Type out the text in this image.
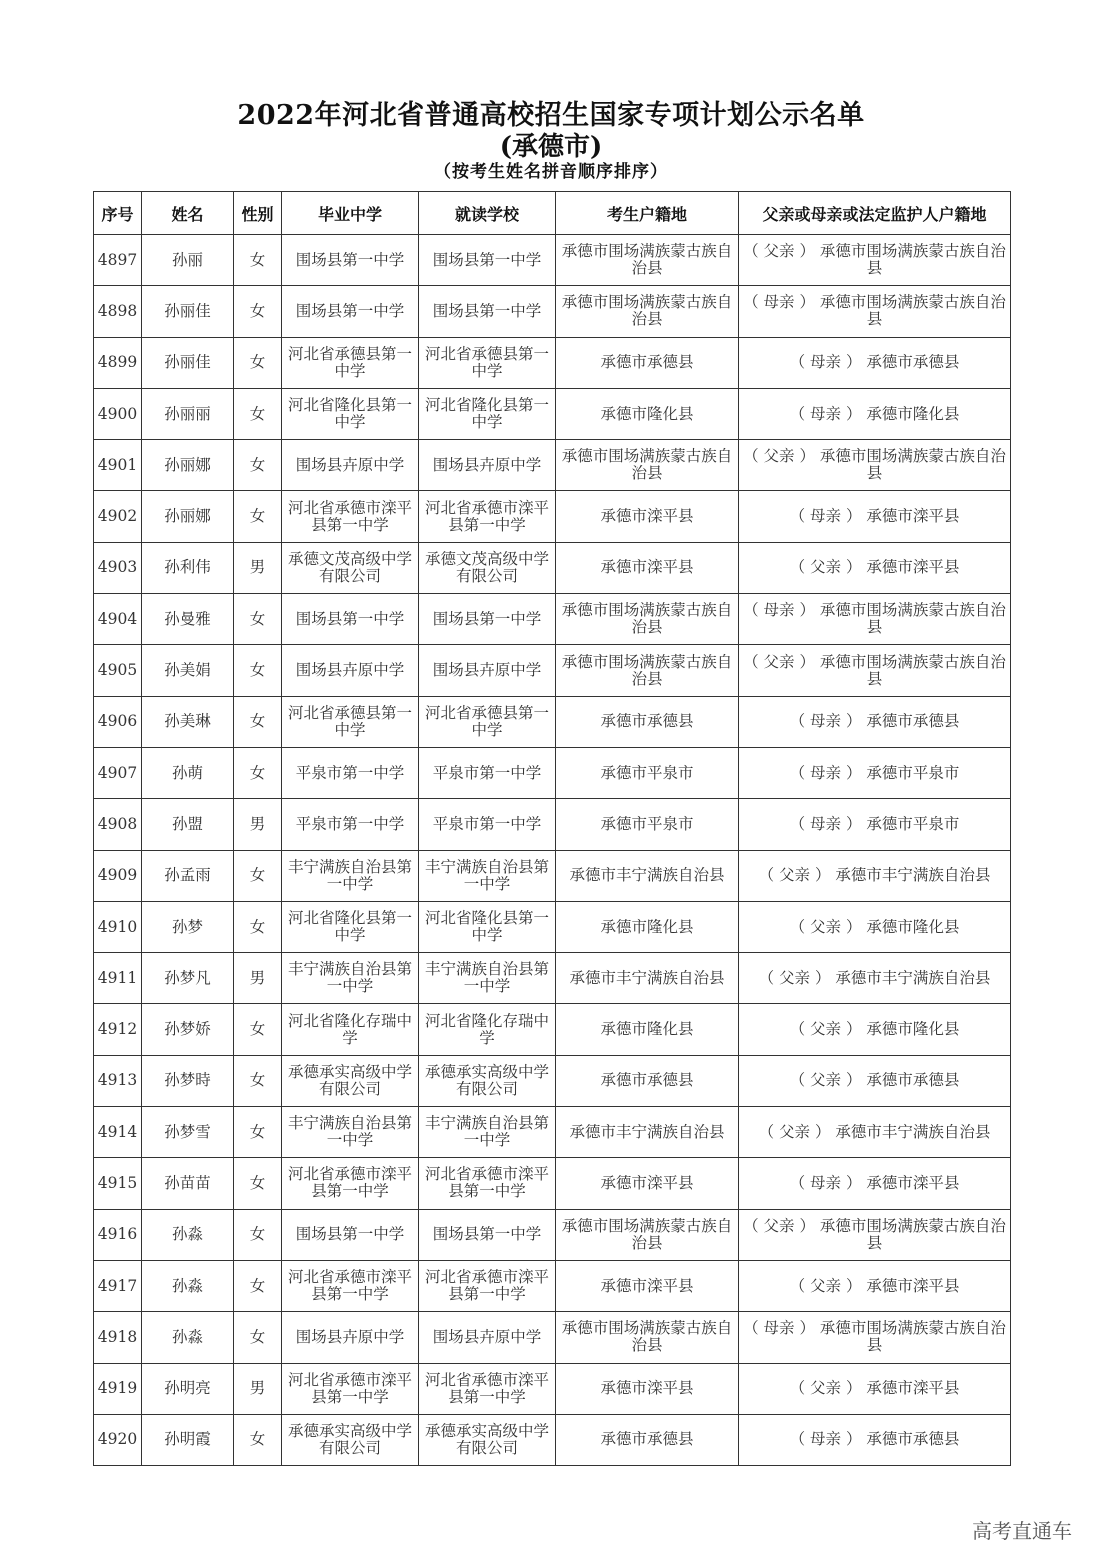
2022年河北省普通高校招生国家专项计划公示名单
(承德市)
（按考生姓名拼音顺序排序）
序号	姓名	性别	毕业中学	就读学校	考生户籍地	父亲或母亲或法定监护人户籍地
4897	孙丽	女	围场县第一中学	围场县第一中学	承德市围场满族蒙古族自治县	（ 父亲 ） 承德市围场满族蒙古族自治县
4898	孙丽佳	女	围场县第一中学	围场县第一中学	承德市围场满族蒙古族自治县	（ 母亲 ） 承德市围场满族蒙古族自治县
4899	孙丽佳	女	河北省承德县第一中学	河北省承德县第一中学	承德市承德县	（ 母亲 ） 承德市承德县
4900	孙丽丽	女	河北省隆化县第一中学	河北省隆化县第一中学	承德市隆化县	（ 母亲 ） 承德市隆化县
4901	孙丽娜	女	围场县卉原中学	围场县卉原中学	承德市围场满族蒙古族自治县	（ 父亲 ） 承德市围场满族蒙古族自治县
4902	孙丽娜	女	河北省承德市滦平县第一中学	河北省承德市滦平县第一中学	承德市滦平县	（ 母亲 ） 承德市滦平县
4903	孙利伟	男	承德文茂高级中学有限公司	承德文茂高级中学有限公司	承德市滦平县	（ 父亲 ） 承德市滦平县
4904	孙曼雅	女	围场县第一中学	围场县第一中学	承德市围场满族蒙古族自治县	（ 母亲 ） 承德市围场满族蒙古族自治县
4905	孙美娟	女	围场县卉原中学	围场县卉原中学	承德市围场满族蒙古族自治县	（ 父亲 ） 承德市围场满族蒙古族自治县
4906	孙美琳	女	河北省承德县第一中学	河北省承德县第一中学	承德市承德县	（ 母亲 ） 承德市承德县
4907	孙萌	女	平泉市第一中学	平泉市第一中学	承德市平泉市	（ 母亲 ） 承德市平泉市
4908	孙盟	男	平泉市第一中学	平泉市第一中学	承德市平泉市	（ 母亲 ） 承德市平泉市
4909	孙孟雨	女	丰宁满族自治县第一中学	丰宁满族自治县第一中学	承德市丰宁满族自治县	（ 父亲 ） 承德市丰宁满族自治县
4910	孙梦	女	河北省隆化县第一中学	河北省隆化县第一中学	承德市隆化县	（ 父亲 ） 承德市隆化县
4911	孙梦凡	男	丰宁满族自治县第一中学	丰宁满族自治县第一中学	承德市丰宁满族自治县	（ 父亲 ） 承德市丰宁满族自治县
4912	孙梦娇	女	河北省隆化存瑞中学	河北省隆化存瑞中学	承德市隆化县	（ 父亲 ） 承德市隆化县
4913	孙梦時	女	承德承实高级中学有限公司	承德承实高级中学有限公司	承德市承德县	（ 父亲 ） 承德市承德县
4914	孙梦雪	女	丰宁满族自治县第一中学	丰宁满族自治县第一中学	承德市丰宁满族自治县	（ 父亲 ） 承德市丰宁满族自治县
4915	孙苗苗	女	河北省承德市滦平县第一中学	河北省承德市滦平县第一中学	承德市滦平县	（ 母亲 ） 承德市滦平县
4916	孙淼	女	围场县第一中学	围场县第一中学	承德市围场满族蒙古族自治县	（ 父亲 ） 承德市围场满族蒙古族自治县
4917	孙淼	女	河北省承德市滦平县第一中学	河北省承德市滦平县第一中学	承德市滦平县	（ 父亲 ） 承德市滦平县
4918	孙淼	女	围场县卉原中学	围场县卉原中学	承德市围场满族蒙古族自治县	（ 母亲 ） 承德市围场满族蒙古族自治县
4919	孙明亮	男	河北省承德市滦平县第一中学	河北省承德市滦平县第一中学	承德市滦平县	（ 父亲 ） 承德市滦平县
4920	孙明霞	女	承德承实高级中学有限公司	承德承实高级中学有限公司	承德市承德县	（ 母亲 ） 承德市承德县
高考直通车
